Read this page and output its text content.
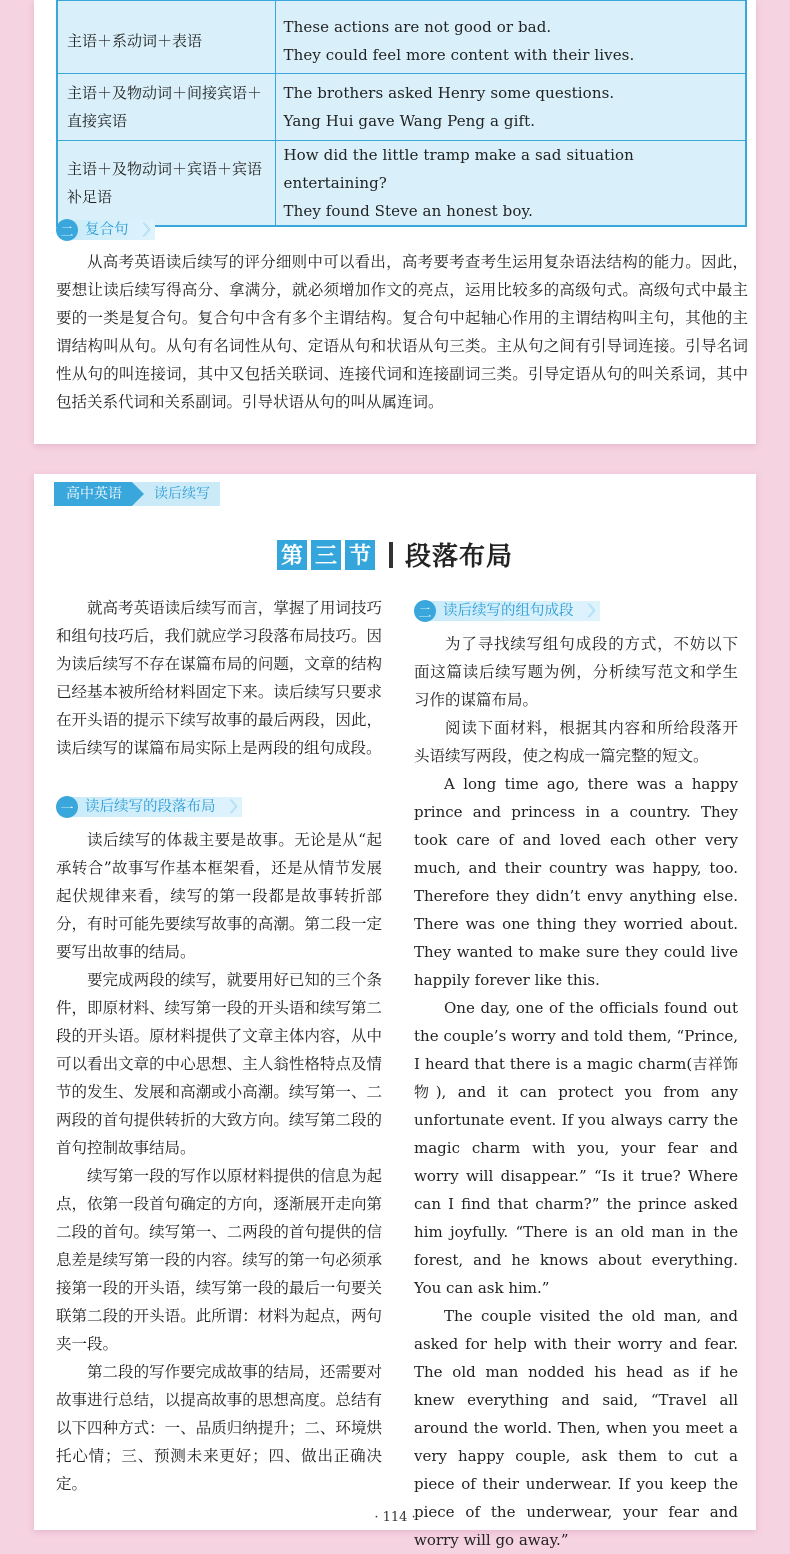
主语＋系动词＋表语	These actions are not good or bad.
They could feel more content with their lives.

主语＋及物动词＋间接宾语＋直接宾语	The brothers asked Henry some questions.
Yang Hui gave Wang Peng a gift.

主语＋及物动词＋宾语＋宾语补足语	How did the little tramp make a sad situation entertaining?
They found Steve an honest boy.
二 复合句 〉〉

从高考英语读后续写的评分细则中可以看出，高考要考查考生运用复杂语法结构的能力。因此，要想让读后续写得高分、拿满分，就必须增加作文的亮点，运用比较多的高级句式。高级句式中最主要的一类是复合句。复合句中含有多个主谓结构。复合句中起轴心作用的主谓结构叫主句，其他的主谓结构叫从句。从句有名词性从句、定语从句和状语从句三类。主从句之间有引导词连接。引导名词性从句的叫连接词，其中又包括关联词、连接代词和连接副词三类。引导定语从句的叫关系词，其中包括关系代词和关系副词。引导状语从句的叫从属连词。

高中英语	读后续写
第 三 节 段落布局

就高考英语读后续写而言，掌握了用词技巧和组句技巧后，我们就应学习段落布局技巧。因为读后续写不存在谋篇布局的问题，文章的结构已经基本被所给材料固定下来。读后续写只要求在开头语的提示下续写故事的最后两段，因此，读后续写的谋篇布局实际上是两段的组句成段。

一 读后续写的段落布局 〉〉

读后续写的体裁主要是故事。无论是从“起承转合”故事写作基本框架看，还是从情节发展起伏规律来看，续写的第一段都是故事转折部分，有时可能先要续写故事的高潮。第二段一定要写出故事的结局。

要完成两段的续写，就要用好已知的三个条件，即原材料、续写第一段的开头语和续写第二段的开头语。原材料提供了文章主体内容，从中可以看出文章的中心思想、主人翁性格特点及情节的发生、发展和高潮或小高潮。续写第一、二两段的首句提供转折的大致方向。续写第二段的首句控制故事结局。

续写第一段的写作以原材料提供的信息为起点，依第一段首句确定的方向，逐渐展开走向第二段的首句。续写第一、二两段的首句提供的信息差是续写第一段的内容。续写的第一句必须承接第一段的开头语，续写第一段的最后一句要关联第二段的开头语。此所谓：材料为起点，两句夹一段。

第二段的写作要完成故事的结局，还需要对故事进行总结，以提高故事的思想高度。总结有以下四种方式：一、品质归纳提升；二、环境烘托心情；三、预测未来更好；四、做出正确决定。

二 读后续写的组句成段 〉〉

为了寻找续写组句成段的方式，不妨以下面这篇读后续写题为例，分析续写范文和学生习作的谋篇布局。

阅读下面材料，根据其内容和所给段落开头语续写两段，使之构成一篇完整的短文。

A long time ago, there was a happy prince and princess in a country. They took care of and loved each other very much, and their country was happy, too. Therefore they didn’t envy anything else. There was one thing they worried about. They wanted to make sure they could live happily forever like this.

One day, one of the officials found out the couple’s worry and told them, “Prince, I heard that there is a magic charm(吉祥饰物), and it can protect you from any unfortunate event. If you always carry the magic charm with you, your fear and worry will disappear.” “Is it true? Where can I find that charm?” the prince asked him joyfully. “There is an old man in the forest, and he knows about everything. You can ask him.”

The couple visited the old man, and asked for help with their worry and fear. The old man nodded his head as if he knew everything and said, “Travel all around the world. Then, when you meet a very happy couple, ask them to cut a piece of their underwear. If you keep the piece of the underwear, your fear and worry will go away.”

· 114 ·
